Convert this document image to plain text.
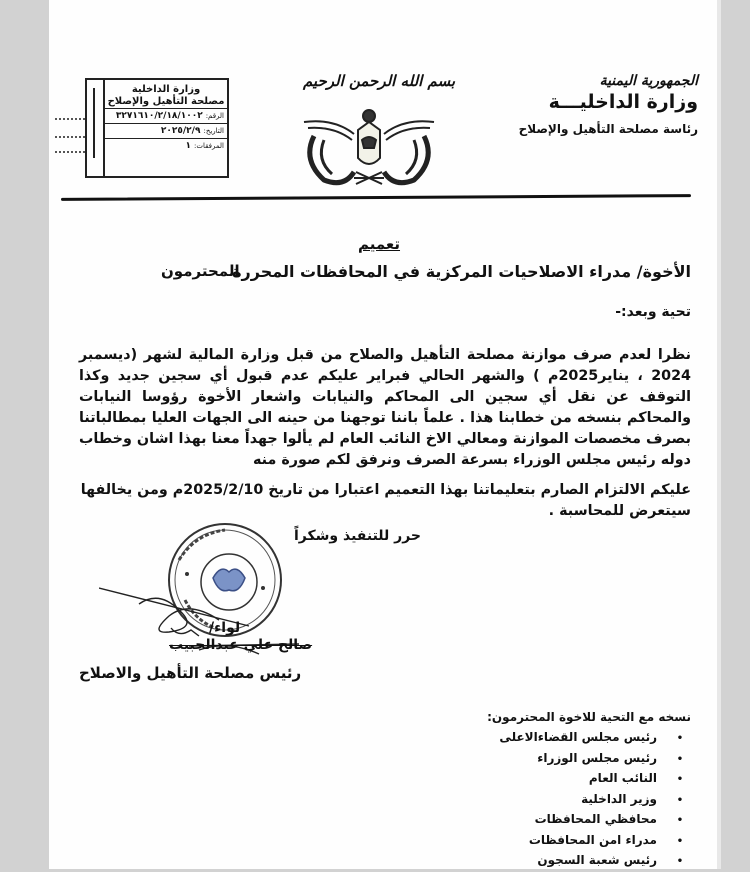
الجمهورية اليمنية
وزارة الداخليـــة
رئاسة مصلحة التأهيل والإصلاح
بسم الله الرحمن الرحيم
وزارة الداخلية
مصلحة التأهيل والإصلاح
الرقم:٣٢٧١٦١٠/٢/١٨/١٠٠٢
التاريخ:٢٠٢٥/٢/٩
المرفقات:١
تعميم
الأخوة/ مدراء الاصلاحيات المركزية في المحافظات المحررة
المحترمون
تحية وبعد:-
نظرا لعدم صرف موازنة مصلحة التأهيل والصلاح من قبل وزارة المالية لشهر (ديسمبر 2024 ، يناير2025م ) والشهر الحالي فبراير عليكم عدم قبول أي سجين جديد وكذا التوقف عن نقل أي سجين الى المحاكم والنيابات واشعار الأخوة رؤوسا النيابات والمحاكم بنسخه من خطابنا هذا . علماً باننا توجهنا من حينه الى الجهات العليا بمطالباتنا بصرف مخصصات الموازنة ومعالي الاخ النائب العام لم يألوا جهداً معنا بهذا اشان وخطاب دوله رئيس مجلس الوزراء بسرعة الصرف ونرفق لكم صورة منه
عليكم الالتزام الصارم بتعليماتنا بهذا التعميم اعتبارا من تاريخ 2025/2/10م ومن يخالفها سيتعرض للمحاسبة .
حرر للتنفيذ وشكراً
لواء/
صالح علي عبدالحبيب
رئيس مصلحة التأهيل والاصلاح
نسخه مع التحية للاخوة المحترمون:
• رئيس مجلس القضاءالاعلى
• رئيس مجلس الوزراء
• النائب العام
• وزير الداخلية
• محافظي المحافظات
• مدراء امن المحافظات
• رئيس شعبة السجون
